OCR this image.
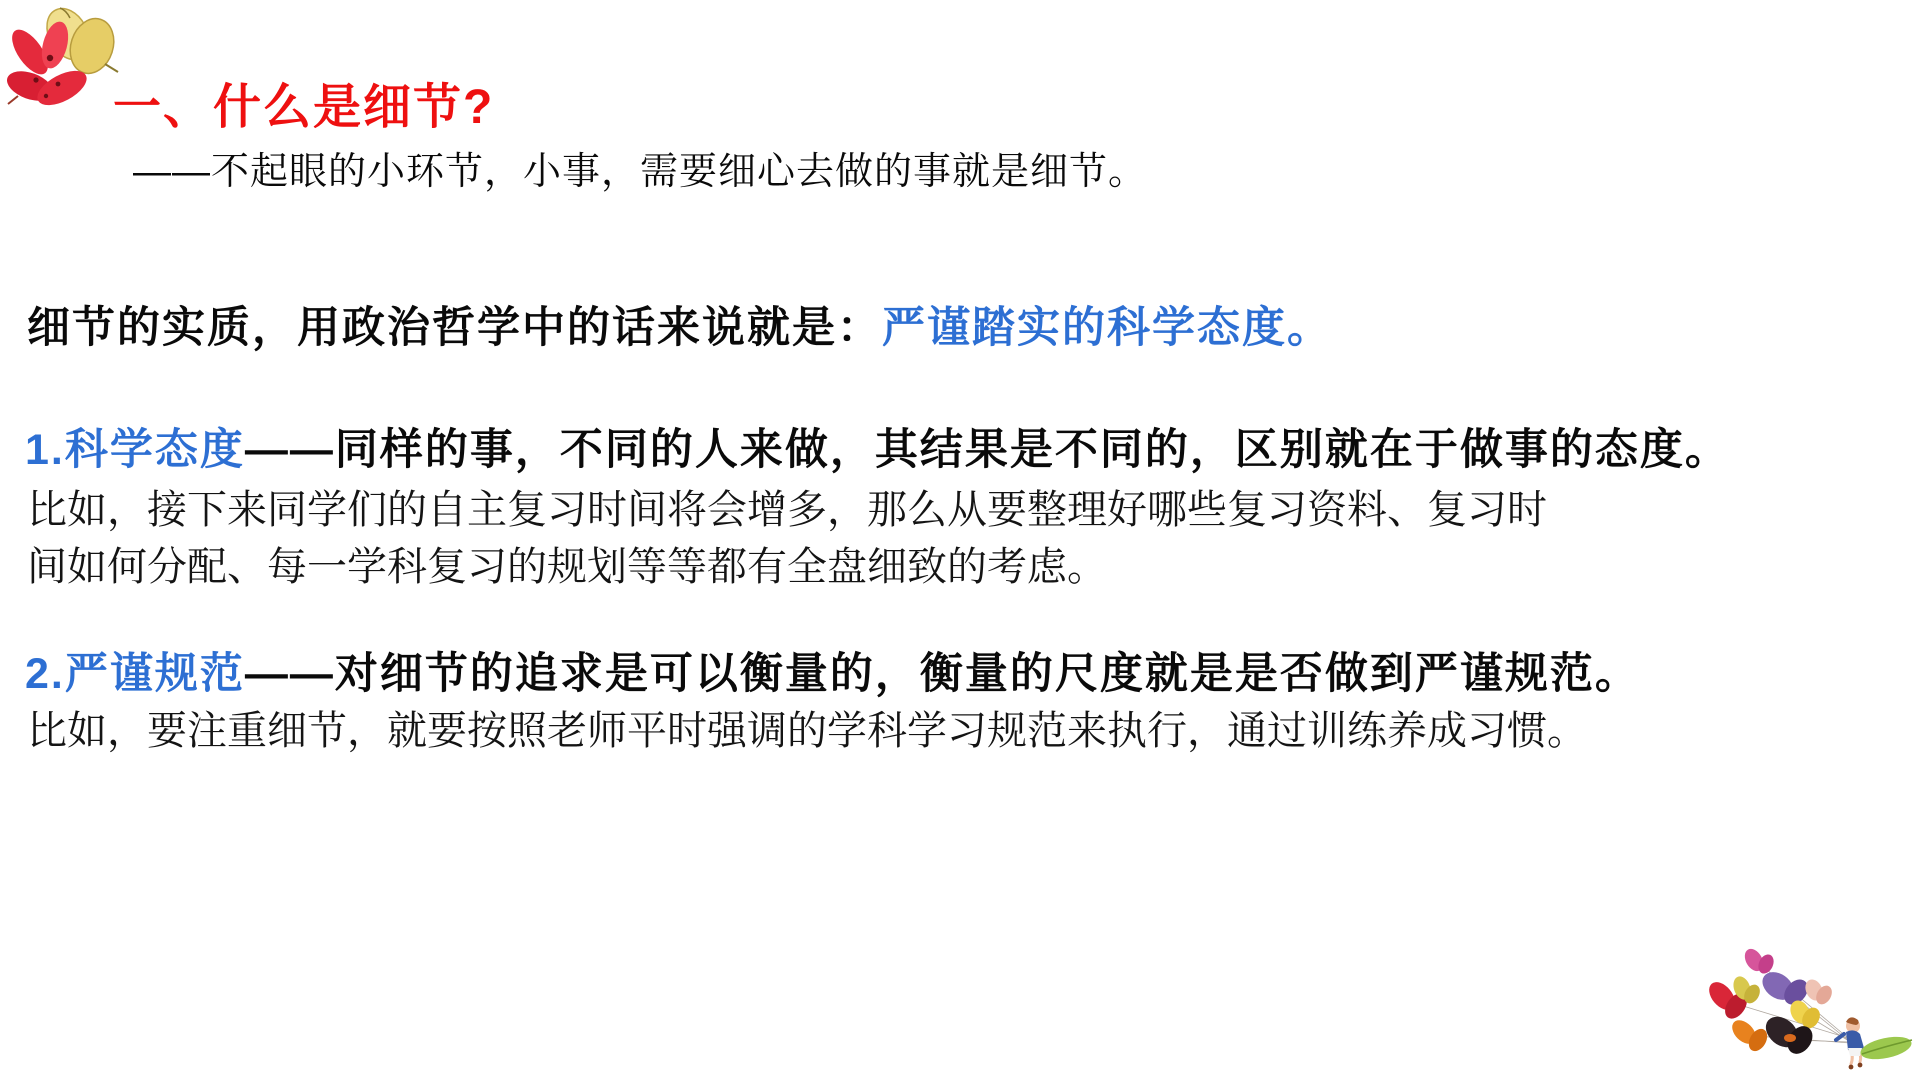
一、什么是细节?
——不起眼的小环节，小事，需要细心去做的事就是细节。
细节的实质，用政治哲学中的话来说就是：严谨踏实的科学态度。
1.科学态度——同样的事，不同的人来做，其结果是不同的，区别就在于做事的态度。
比如，接下来同学们的自主复习时间将会增多，那么从要整理好哪些复习资料、复习时
间如何分配、每一学科复习的规划等等都有全盘细致的考虑。
2.严谨规范——对细节的追求是可以衡量的，衡量的尺度就是是否做到严谨规范。
比如，要注重细节，就要按照老师平时强调的学科学习规范来执行，通过训练养成习惯。
